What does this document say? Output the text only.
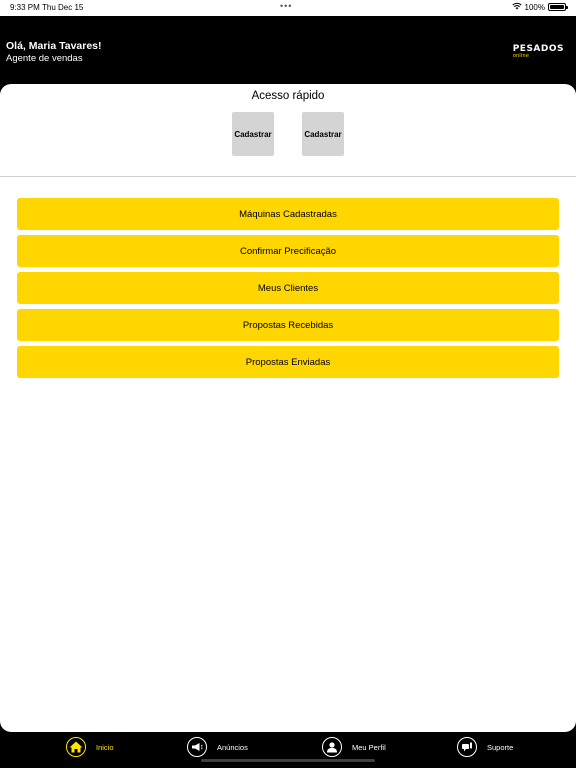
9:33 PM Thu Dec 15	•••	100%
Olá, Maria Tavares!
Agente de vendas
PESADOS
online
Acesso rápido
Cadastrar	Cadastrar
Máquinas Cadastradas
Confirmar Precificação
Meus Clientes
Propostas Recebidas
Propostas Enviadas
Inicio	Anúncios	Meu Perfil	Suporte
